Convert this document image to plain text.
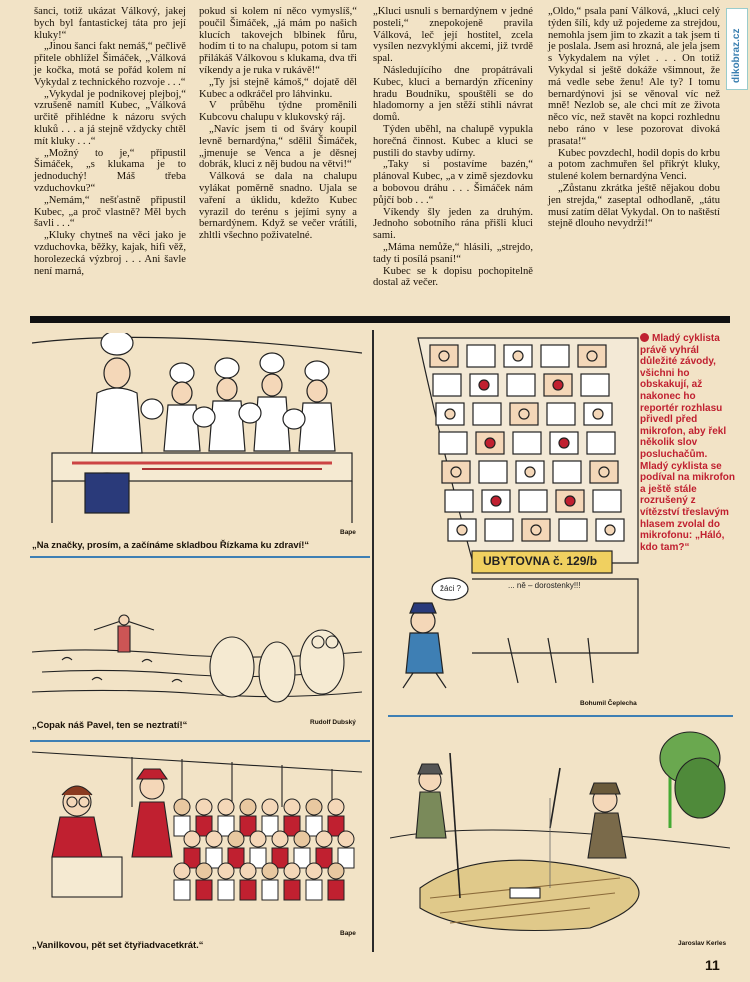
dikobraz.cz

šanci, totiž ukázat Válkový, jakej bych byl fantastickej táta pro její kluky!“

„Jinou šanci fakt nemáš,“ pečlivě přitele obhlížel Šimáček, „Válková je kočka, motá se pořád kolem ní Vykydal z technického rozvoje . . .“

„Vykydal je podnikovej plejboj,“ vzrušeně namítl Kubec, „Válková určitě přihlédne k názoru svých kluků . . . a já stejně vždycky chtěl mít kluky . . .“

„Možný to je,“ připustil Šimáček, „s klukama je to jednoduchý! Máš třeba vzduchovku?“

„Nemám,“ nešťastně připustil Kubec, „a proč vlastně? Měl bych šavli . . .“

„Kluky chytneš na věci jako je vzduchovka, běžky, kajak, hifi věž, horolezecká výzbroj . . . Ani šavle není marná,

pokud si kolem ní něco vymyslíš,“ poučil Šimáček, „já mám po našich klucích takovejch blbinek fůru, hodím ti to na chalupu, potom si tam přilákáš Válkovou s klukama, dva tři víkendy a je ruka v rukávě!“

„Ty jsi stejně kámoš,“ dojatě děl Kubec a odkráčel pro láhvinku.

V průběhu týdne proměnili Kubcovu chalupu v klukovský ráj.

„Navíc jsem ti od šváry koupil levně bernardýna,“ sdělil Šimáček, „jmenuje se Venca a je děsnej dobrák, kluci z něj budou na větvi!“

Válková se dala na chalupu vylákat poměrně snadno. Ujala se vaření a úklidu, kdežto Kubec vyrazil do terénu s jejími syny a bernardýnem. Když se večer vrátili, zhltli všechno poživatelné.

„Kluci usnuli s bernardýnem v jedné posteli,“ znepokojeně pravila Válková, leč její hostitel, zcela vysílen nezvyklými akcemi, již tvrdě spal.

Následujícího dne propátrávali Kubec, kluci a bernardýn zříceniny hradu Boudníku, spouštěli se do hladomorny a jen stěží stihli návrat domů.

Týden uběhl, na chalupě vypukla horečná činnost. Kubec a kluci se pustili do stavby udírny.

„Taky si postavíme bazén,“ plánoval Kubec, „a v zimě sjezdovku a bobovou dráhu . . . Šimáček nám půjčí bob . . .“

Víkendy šly jeden za druhým. Jednoho sobotního rána přišli kluci sami.

„Máma nemůže,“ hlásili, „strejdo, tady ti posílá psaní!“

Kubec se k dopisu pochopitelně dostal až večer.

„Oldo,“ psala paní Válková, „kluci celý týden šílí, kdy už pojedeme za strejdou, nemohla jsem jim to zkazit a tak jsem ti je poslala. Jsem asi hrozná, ale jela jsem s Vykydalem na výlet . . . On totiž Vykydal si ještě dokáže všimnout, že má vedle sebe ženu! Ale ty? I tomu bernardýnovi jsi se věnoval víc než mně! Nezlob se, ale chci mít ze života něco víc, než stavět na kopci rozhlednu nebo ráno v lese pozorovat divoká prasata!“

Kubec povzdechl, hodil dopis do krbu a potom zachmuřen šel přikrýt kluky, stulené kolem bernardýna Venci.

„Zůstanu zkrátka ještě nějakou dobu jen strejda,“ zaseptal odhodlaně, „tátu musí zatím dělat Vykydal. On to naštěstí stejně dlouho nevydrží!“

„Na značky, prosím, a začínáme skladbou Řízkama ku zdraví!“
Bape
„Copak náš Pavel, ten se neztratí!“	Rudolf Dubský
„Vanilkovou, pět set čtyřiadvacetkrát.“
Bape
UBYTOVNA č. 129/b
... ně – dorostenky!!!
žáci ?
Bohumil Čeplecha
Mladý cyklista právě vyhrál důležité závody, všichni ho obskakují, až nakonec ho reportér rozhlasu přivedl před mikrofon, aby řekl několik slov posluchačům. Mladý cyklista se podíval na mikrofon a ještě stále rozrušený z vítězství třeslavým hlasem zvolal do mikrofonu: „Háló, kdo tam?“
Jaroslav Kerles
11
